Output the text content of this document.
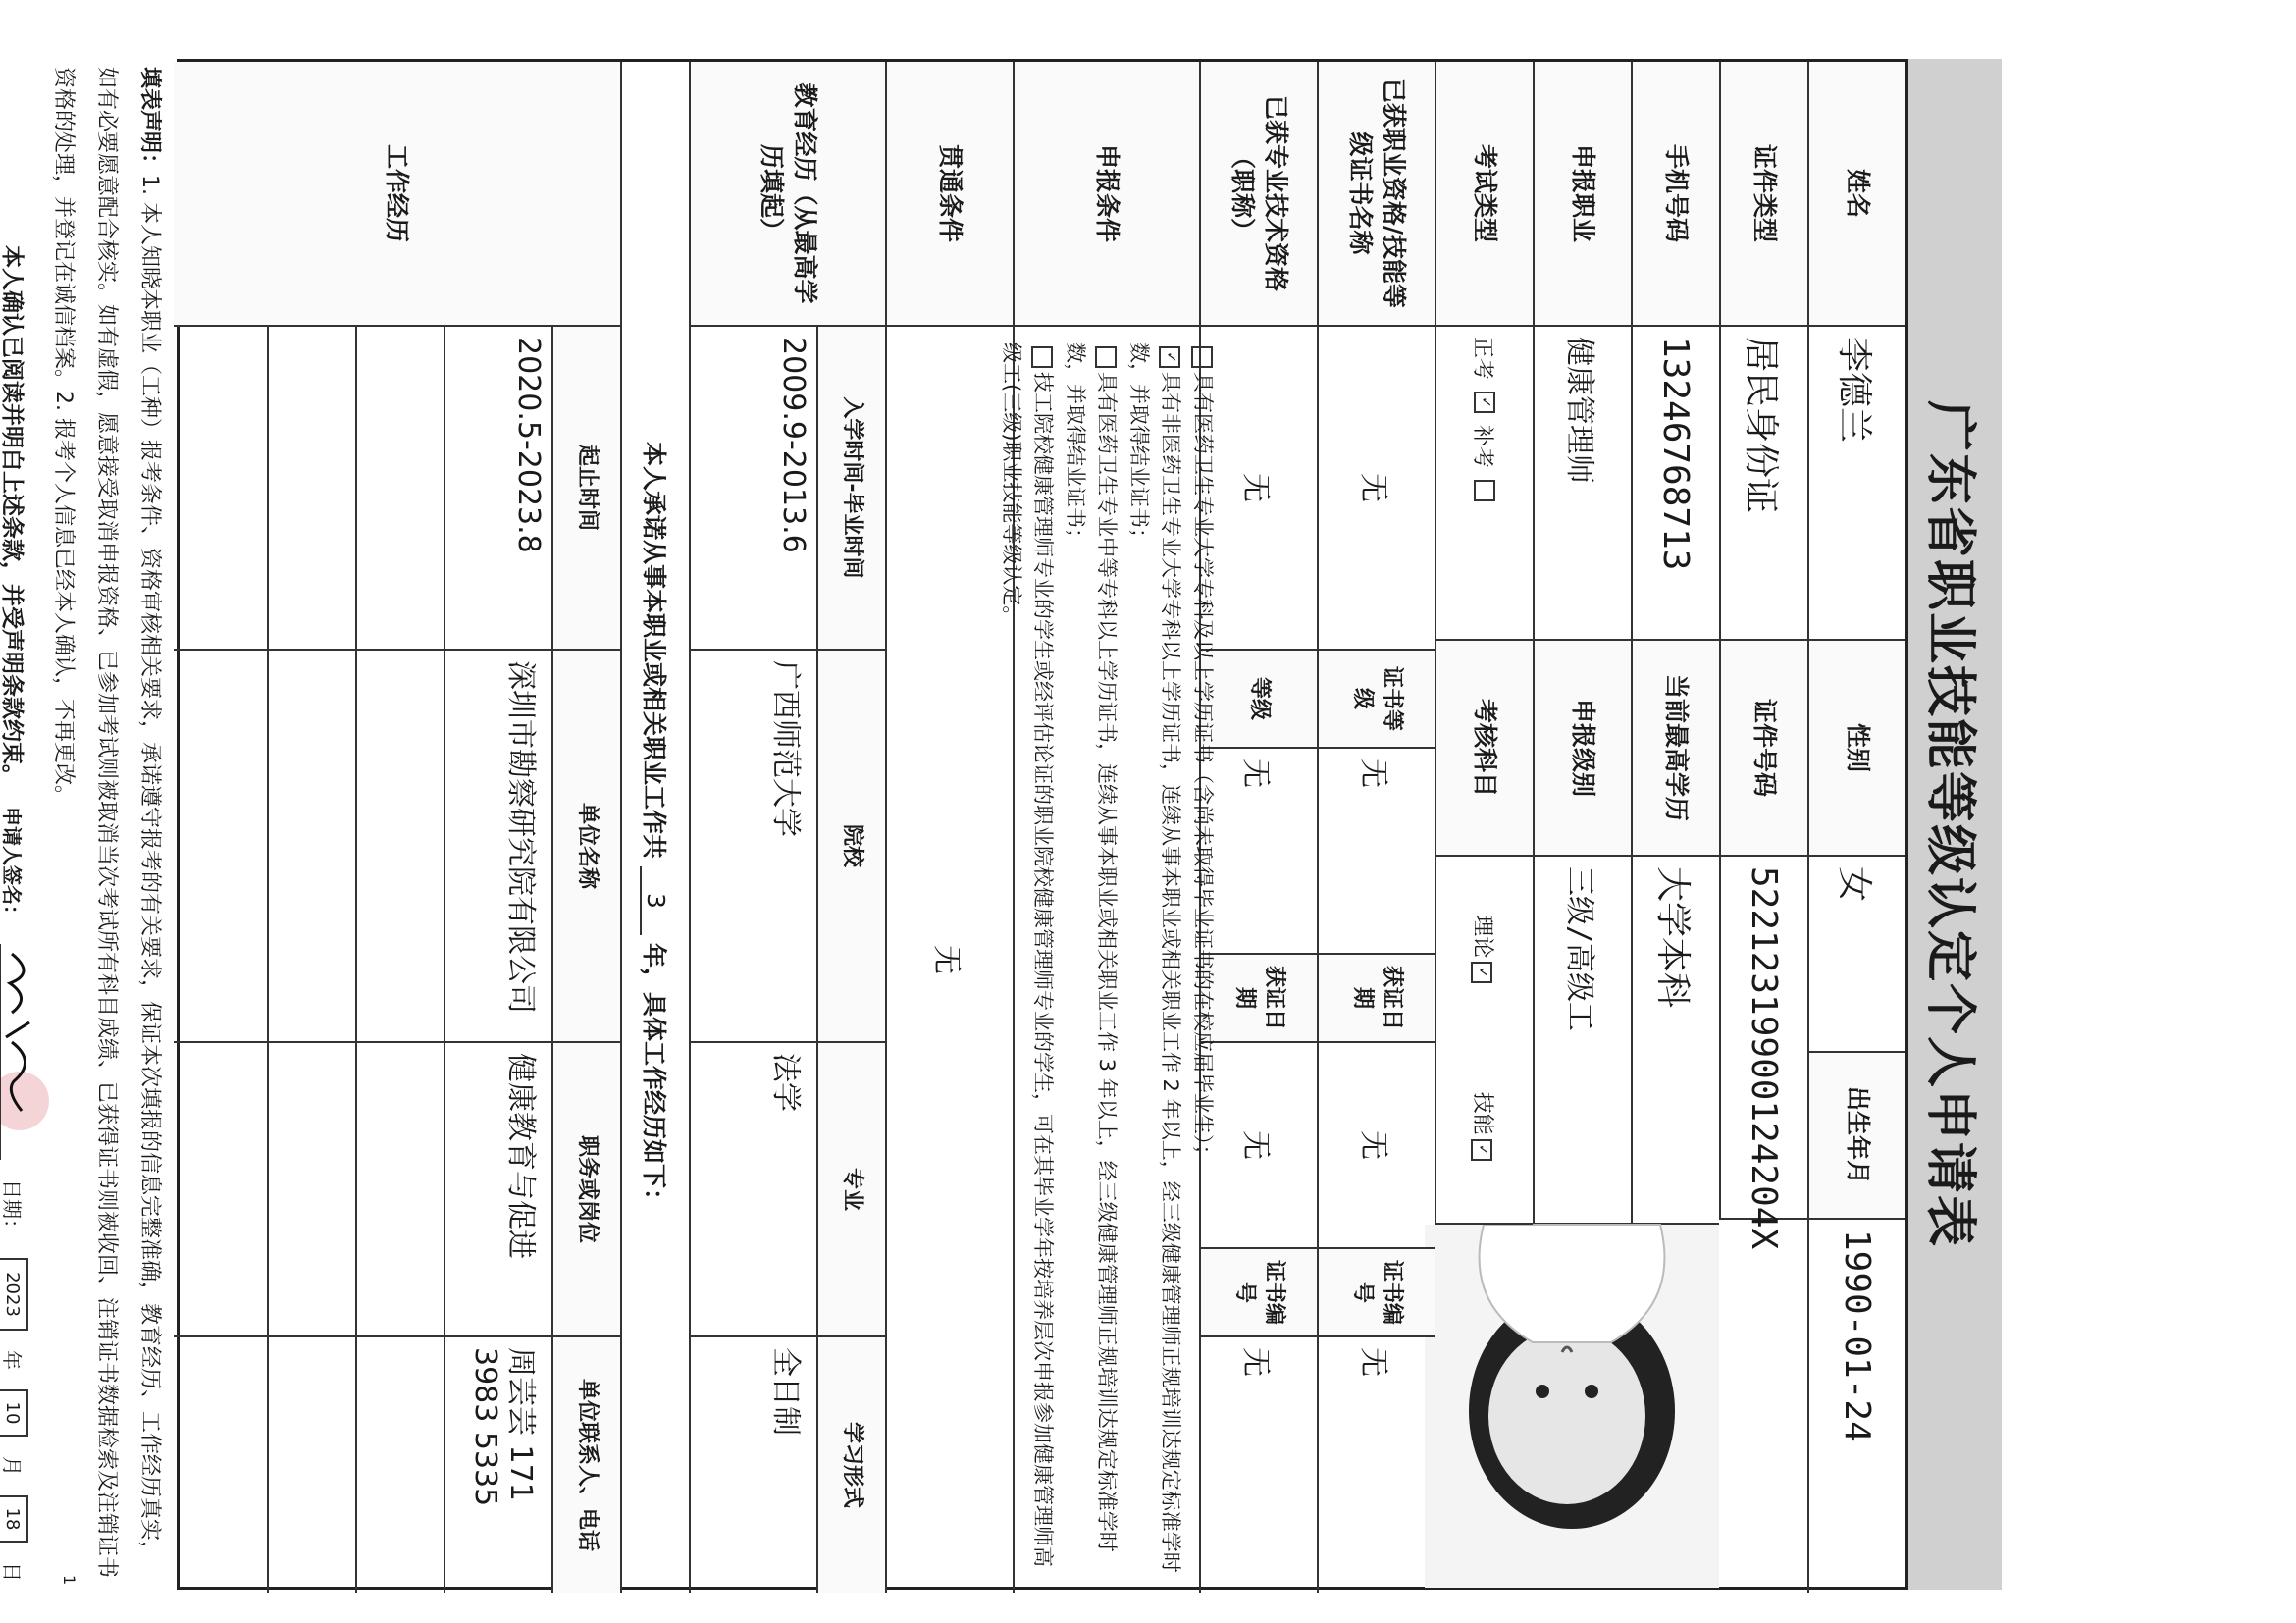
广东省职业技能等级认定个人申请表
姓名
李德兰
性别
女
出生年月
1990-01-24
证件类型
居民身份证
证件号码
52212319900124204X
手机号码
13246768713
当前最高学历
大学本科
申报职业
健康管理师
申报级别
三级/高级工
考试类型
正考
✓
补考
考核科目
理论✓
技能✓
已获职业资格/技能等级证书名称
无
证书等级
无
获证日期
无
证书编号
无
已获专业技术资格（职称）
无
等级
无
获证日期
无
证书编号
无
申报条件
具有医药卫生专业大学专科及以上学历证书（含尚未取得毕业证书的在校应届毕业生）；
✓具有非医药卫生专业大学专科以上学历证书，连续从事本职业或相关职业工作 2 年以上，经三级健康管理师正规培训达规定标准学时数，并取得结业证书；
具有医药卫生专业中等专科以上学历证书，连续从事本职业或相关职业工作 3 年以上，经三级健康管理师正规培训达规定标准学时数，并取得结业证书；
技工院校健康管理师专业的学生或经评估论证的职业院校健康管理师专业的学生，可在其毕业学年按培养层次申报参加健康管理师高级工(三级)职业技能等级认定。
贯通条件
无
教育经历（从最高学历填起）
入学时间-毕业时间
院校
专业
学习形式
2009.9-2013.6
广西师范大学
法学
全日制
本人承诺从事本职业或相关职业工作共
3
年，具体工作经历如下：
工作经历
起止时间
单位名称
职务或岗位
单位联系人、电话
2020.5-2023.8
深圳市勘察研究院有限公司
健康教育与促进
周芸芸 171 3983 5335
填表声明：1. 本人知晓本职业（工种）报考条件、资格审核相关要求，承诺遵守报考的有关要求，保证本次填报的信息完整准确，教育经历、工作经历真实，如有必要愿意配合核实。如有虚假，愿意接受取消申报资格、已参加考试则被取消当次考试所有科目成绩、已获得证书则被收回、注销证书数据检索及注销证书资格的处理，并登记在诚信档案。2. 报考个人信息已经本人确认，不再更改。
本人确认已阅读并明白上述条款，并受声明条款约束。
申请人签名：
日期：
2023
年
10
月
18
日	1
